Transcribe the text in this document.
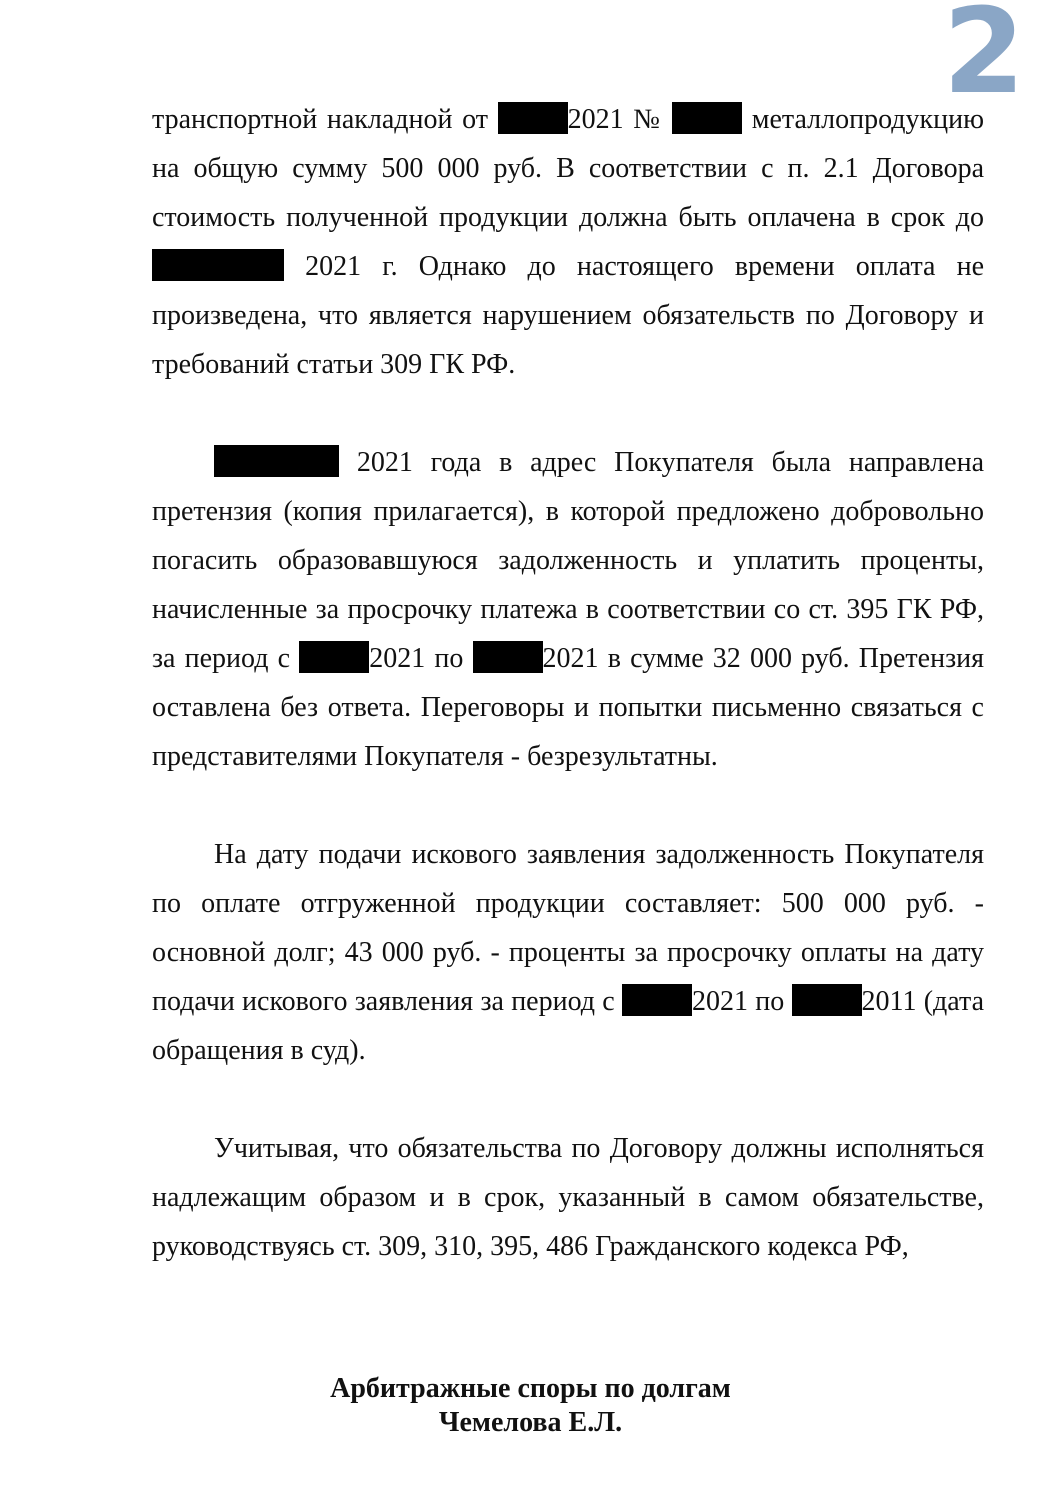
2

транспортной накладной от	2021 №	металлопродукцию на общую сумму 500 000 руб. В соответствии с п. 2.1 Договора стоимость полученной продукции должна быть оплачена в срок до  2021 г. Однако до настоящего времени оплата не произведена, что является нарушением обязательств по Договору и требований статьи 309 ГК РФ.

2021 года в адрес Покупателя была направлена претензия (копия прилагается), в которой предложено добровольно погасить образовавшуюся задолженность и уплатить проценты, начисленные за просрочку платежа в соответствии со ст. 395 ГК РФ, за период с	2021 по	2021 в сумме 32 000 руб. Претензия оставлена без ответа. Переговоры и попытки письменно связаться с представителями Покупателя - безрезультатны.

На дату подачи искового заявления задолженность Покупателя по оплате отгруженной продукции составляет: 500 000 руб. - основной долг; 43 000 руб. - проценты за просрочку оплаты на дату подачи искового заявления за период с	2021 по	2011 (дата обращения в суд).

Учитывая, что обязательства по Договору должны исполняться надлежащим образом и в срок, указанный в самом обязательстве, руководствуясь ст. 309, 310, 395, 486 Гражданского кодекса РФ,

Арбитражные споры по долгам
Чемелова Е.Л.
